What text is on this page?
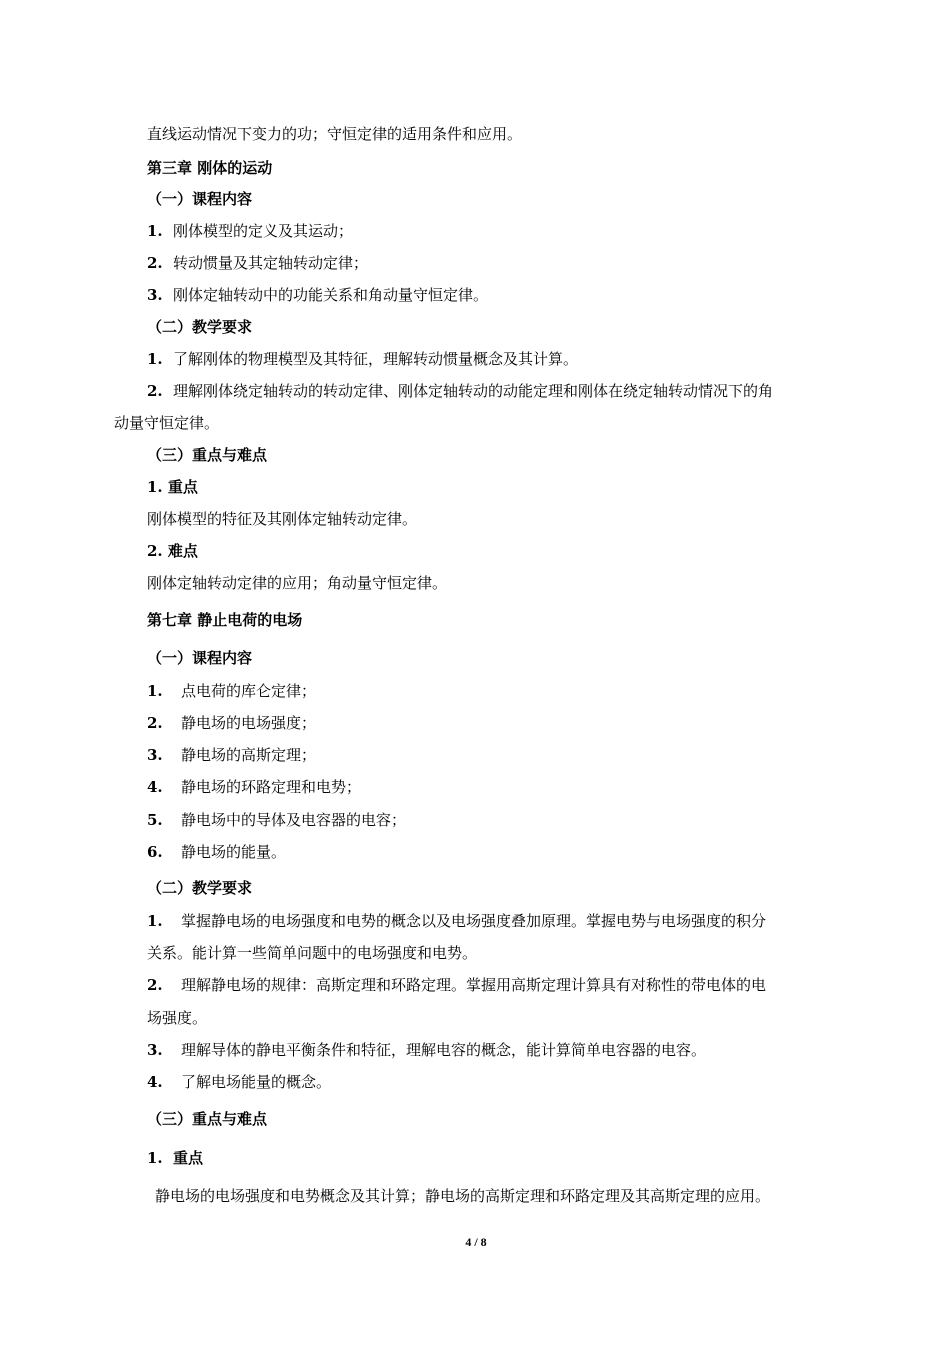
直线运动情况下变力的功；守恒定律的适用条件和应用。
第三章 刚体的运动
（一）课程内容
1. 刚体模型的定义及其运动；
2. 转动惯量及其定轴转动定律；
3. 刚体定轴转动中的功能关系和角动量守恒定律。
（二）教学要求
1. 了解刚体的物理模型及其特征，理解转动惯量概念及其计算。
2. 理解刚体绕定轴转动的转动定律、刚体定轴转动的动能定理和刚体在绕定轴转动情况下的角
动量守恒定律。
（三）重点与难点
1. 重点
刚体模型的特征及其刚体定轴转动定律。
2. 难点
刚体定轴转动定律的应用；角动量守恒定律。
第七章 静止电荷的电场
（一）课程内容
1. 点电荷的库仑定律；
2. 静电场的电场强度；
3. 静电场的高斯定理；
4. 静电场的环路定理和电势；
5. 静电场中的导体及电容器的电容；
6. 静电场的能量。
（二）教学要求
1. 掌握静电场的电场强度和电势的概念以及电场强度叠加原理。掌握电势与电场强度的积分
关系。能计算一些简单问题中的电场强度和电势。
2. 理解静电场的规律：高斯定理和环路定理。掌握用高斯定理计算具有对称性的带电体的电
场强度。
3. 理解导体的静电平衡条件和特征，理解电容的概念，能计算简单电容器的电容。
4. 了解电场能量的概念。
（三）重点与难点
1. 重点
静电场的电场强度和电势概念及其计算；静电场的高斯定理和环路定理及其高斯定理的应用。
4 / 8
